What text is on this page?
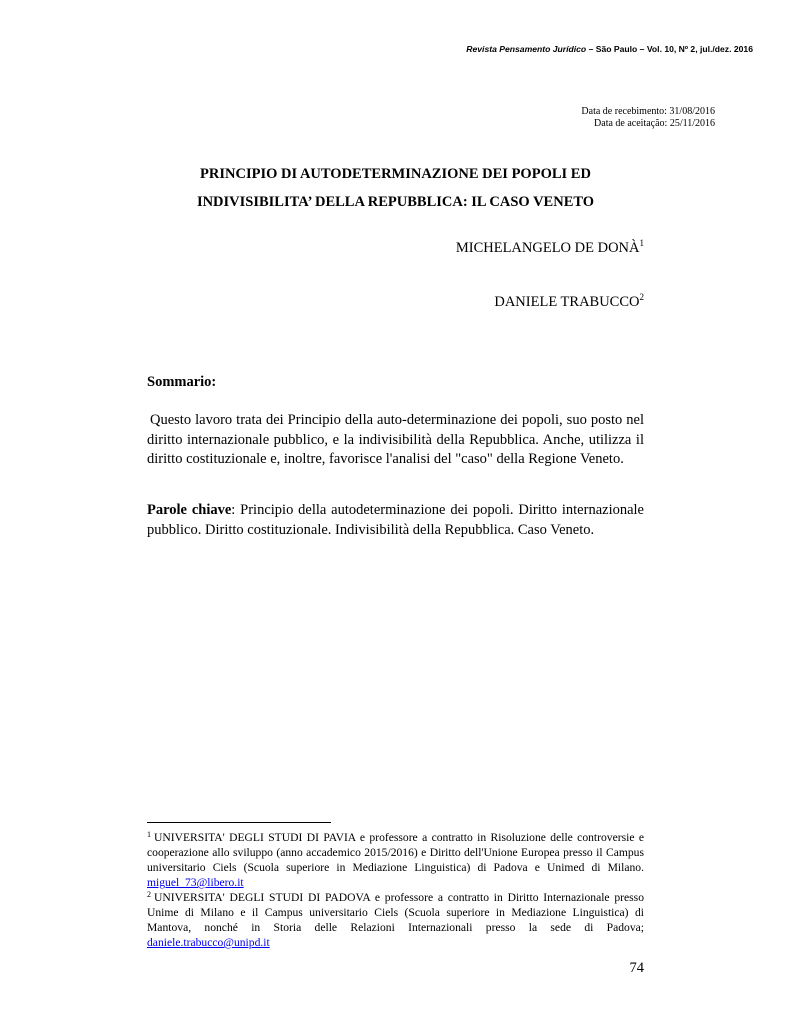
Revista Pensamento Jurídico – São Paulo – Vol. 10, Nº 2, jul./dez. 2016
Data de recebimento: 31/08/2016
Data de aceitação: 25/11/2016
PRINCIPIO DI AUTODETERMINAZIONE DEI POPOLI ED
INDIVISIBILITA’ DELLA REPUBBLICA: IL CASO VENETO
MICHELANGELO DE DONÀ$^1$
DANIELE TRABUCCO$^2$
Sommario:
Questo lavoro trata dei Principio della auto-determinazione dei popoli, suo posto nel diritto internazionale pubblico, e la indivisibilità della Repubblica. Anche, utilizza il diritto costituzionale e, inoltre, favorisce l'analisi del "caso" della Regione Veneto.
Parole chiave: Principio della autodeterminazione dei popoli. Diritto internazionale pubblico. Diritto costituzionale. Indivisibilità della Repubblica. Caso Veneto.

$^1$ UNIVERSITA' DEGLI STUDI DI PAVIA e professore a contratto in Risoluzione delle controversie e cooperazione allo sviluppo (anno accademico 2015/2016) e Diritto dell'Unione Europea presso il Campus universitario Ciels (Scuola superiore in Mediazione Linguistica) di Padova e Unimed di Milano. miguel_73@libero.it

$^2$ UNIVERSITA' DEGLI STUDI DI PADOVA e professore a contratto in Diritto Internazionale presso Unime di Milano e il Campus universitario Ciels (Scuola superiore in Mediazione Linguistica) di Mantova, nonché in Storia delle Relazioni Internazionali presso la sede di Padova; daniele.trabucco@unipd.it

74
